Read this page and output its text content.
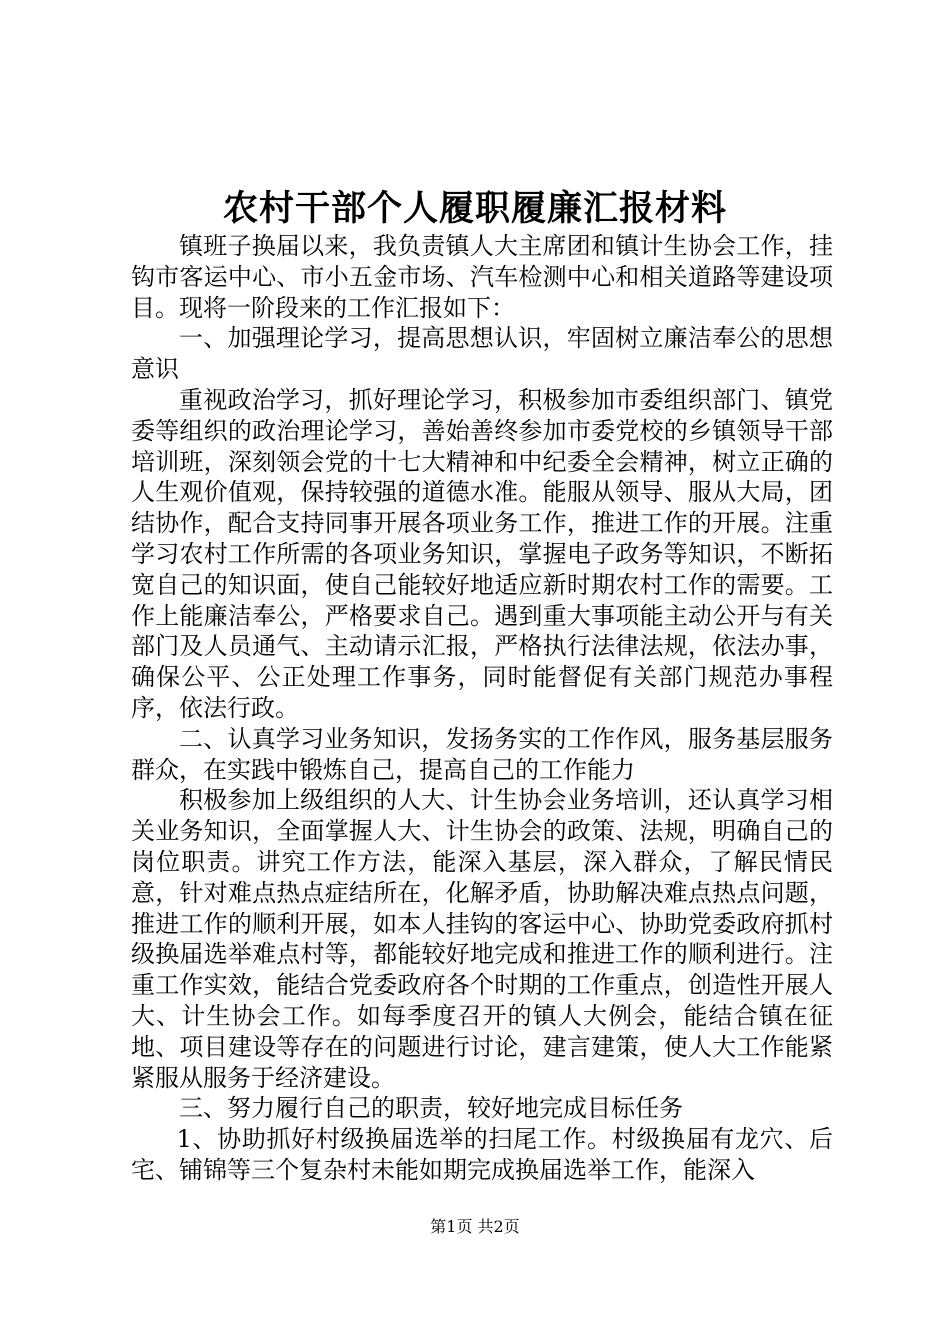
农村干部个人履职履廉汇报材料

镇班子换届以来，我负责镇人大主席团和镇计生协会工作，挂钩市客运中心、市小五金市场、汽车检测中心和相关道路等建设项目。现将一阶段来的工作汇报如下：

一、加强理论学习，提高思想认识，牢固树立廉洁奉公的思想意识

重视政治学习，抓好理论学习，积极参加市委组织部门、镇党委等组织的政治理论学习，善始善终参加市委党校的乡镇领导干部培训班，深刻领会党的十七大精神和中纪委全会精神，树立正确的人生观价值观，保持较强的道德水准。能服从领导、服从大局，团结协作，配合支持同事开展各项业务工作，推进工作的开展。注重学习农村工作所需的各项业务知识，掌握电子政务等知识，不断拓宽自己的知识面，使自己能较好地适应新时期农村工作的需要。工作上能廉洁奉公，严格要求自己。遇到重大事项能主动公开与有关部门及人员通气、主动请示汇报，严格执行法律法规，依法办事，确保公平、公正处理工作事务，同时能督促有关部门规范办事程序，依法行政。

二、认真学习业务知识，发扬务实的工作作风，服务基层服务群众，在实践中锻炼自己，提高自己的工作能力

积极参加上级组织的人大、计生协会业务培训，还认真学习相关业务知识，全面掌握人大、计生协会的政策、法规，明确自己的岗位职责。讲究工作方法，能深入基层，深入群众，了解民情民意，针对难点热点症结所在，化解矛盾，协助解决难点热点问题，推进工作的顺利开展，如本人挂钩的客运中心、协助党委政府抓村级换届选举难点村等，都能较好地完成和推进工作的顺利进行。注重工作实效，能结合党委政府各个时期的工作重点，创造性开展人大、计生协会工作。如每季度召开的镇人大例会，能结合镇在征地、项目建设等存在的问题进行讨论，建言建策，使人大工作能紧紧服从服务于经济建设。

三、努力履行自己的职责，较好地完成目标任务

1、协助抓好村级换届选举的扫尾工作。村级换届有龙穴、后宅、铺锦等三个复杂村未能如期完成换届选举工作，能深入

第1页 共2页
